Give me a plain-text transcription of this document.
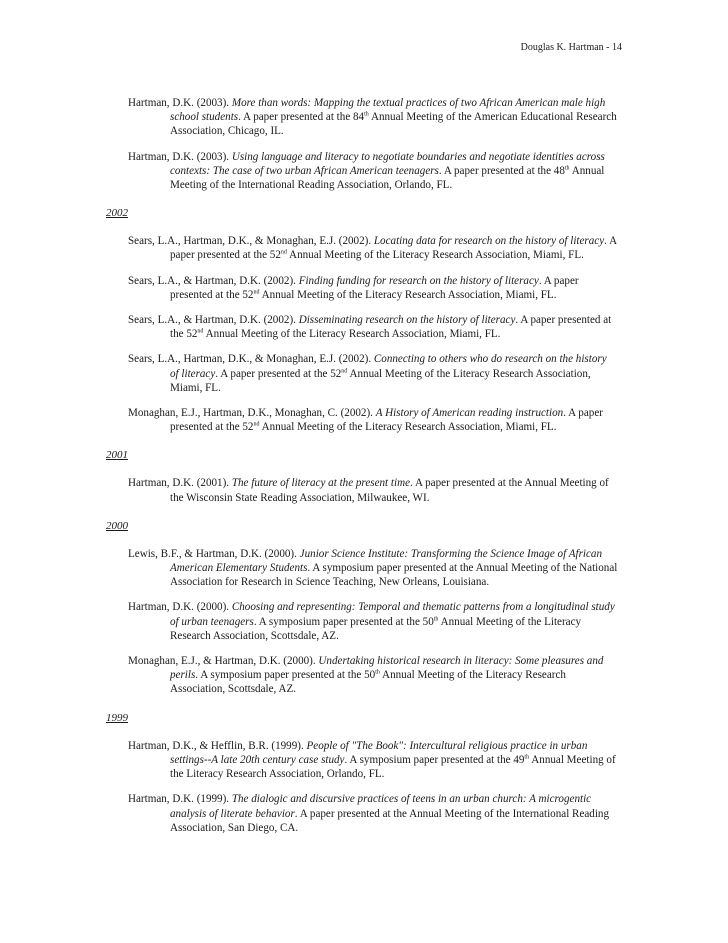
Douglas K. Hartman - 14

Hartman, D.K. (2003). More than words: Mapping the textual practices of two African American male high school students. A paper presented at the 84th Annual Meeting of the American Educational Research Association, Chicago, IL.

Hartman, D.K. (2003). Using language and literacy to negotiate boundaries and negotiate identities across contexts: The case of two urban African American teenagers. A paper presented at the 48th Annual Meeting of the International Reading Association, Orlando, FL.

2002

Sears, L.A., Hartman, D.K., & Monaghan, E.J. (2002). Locating data for research on the history of literacy. A paper presented at the 52nd Annual Meeting of the Literacy Research Association, Miami, FL.

Sears, L.A., & Hartman, D.K. (2002). Finding funding for research on the history of literacy. A paper presented at the 52nd Annual Meeting of the Literacy Research Association, Miami, FL.

Sears, L.A., & Hartman, D.K. (2002). Disseminating research on the history of literacy. A paper presented at the 52nd Annual Meeting of the Literacy Research Association, Miami, FL.

Sears, L.A., Hartman, D.K., & Monaghan, E.J. (2002). Connecting to others who do research on the history of literacy. A paper presented at the 52nd Annual Meeting of the Literacy Research Association, Miami, FL.

Monaghan, E.J., Hartman, D.K., Monaghan, C. (2002). A History of American reading instruction. A paper presented at the 52nd Annual Meeting of the Literacy Research Association, Miami, FL.

2001

Hartman, D.K. (2001). The future of literacy at the present time. A paper presented at the Annual Meeting of the Wisconsin State Reading Association, Milwaukee, WI.

2000

Lewis, B.F., & Hartman, D.K. (2000). Junior Science Institute: Transforming the Science Image of African American Elementary Students. A symposium paper presented at the Annual Meeting of the National Association for Research in Science Teaching, New Orleans, Louisiana.

Hartman, D.K. (2000). Choosing and representing: Temporal and thematic patterns from a longitudinal study of urban teenagers. A symposium paper presented at the 50th Annual Meeting of the Literacy Research Association, Scottsdale, AZ.

Monaghan, E.J., & Hartman, D.K. (2000). Undertaking historical research in literacy: Some pleasures and perils. A symposium paper presented at the 50th Annual Meeting of the Literacy Research Association, Scottsdale, AZ.

1999

Hartman, D.K., & Hefflin, B.R. (1999). People of "The Book": Intercultural religious practice in urban settings--A late 20th century case study. A symposium paper presented at the 49th Annual Meeting of the Literacy Research Association, Orlando, FL.

Hartman, D.K. (1999). The dialogic and discursive practices of teens in an urban church: A microgentic analysis of literate behavior. A paper presented at the Annual Meeting of the International Reading Association, San Diego, CA.
